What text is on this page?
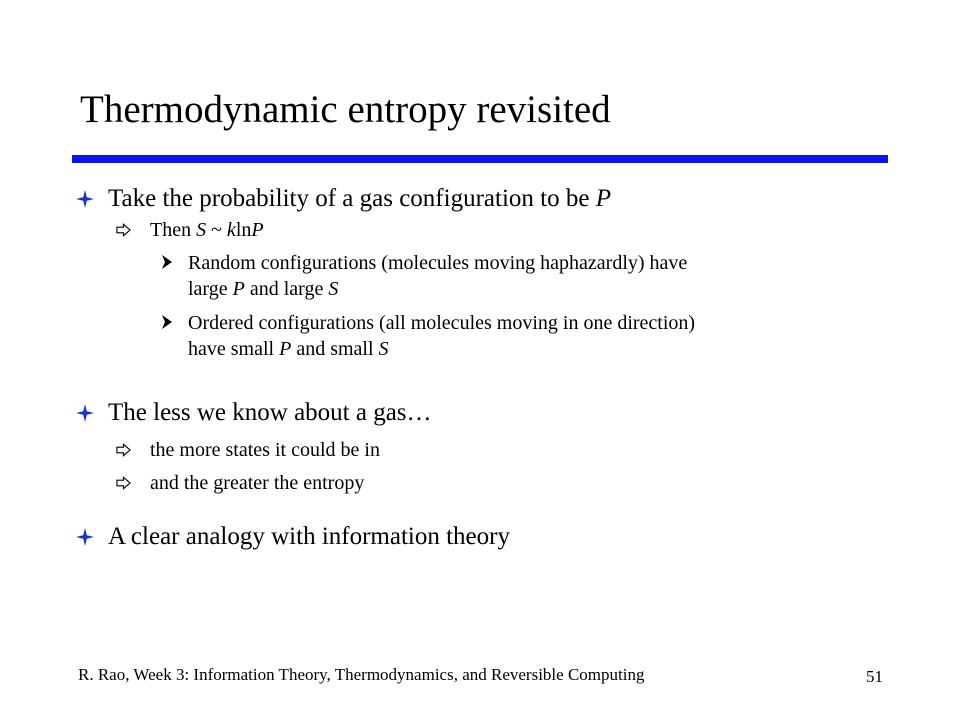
Thermodynamic entropy revisited
Take the probability of a gas configuration to be P
Then S ~ klnP
Random configurations (molecules moving haphazardly) have
large P and large S
Ordered configurations (all molecules moving in one direction)
have small P and small S
The less we know about a gas…
the more states it could be in
and the greater the entropy
A clear analogy with information theory
R. Rao, Week 3: Information Theory, Thermodynamics, and Reversible Computing	51
